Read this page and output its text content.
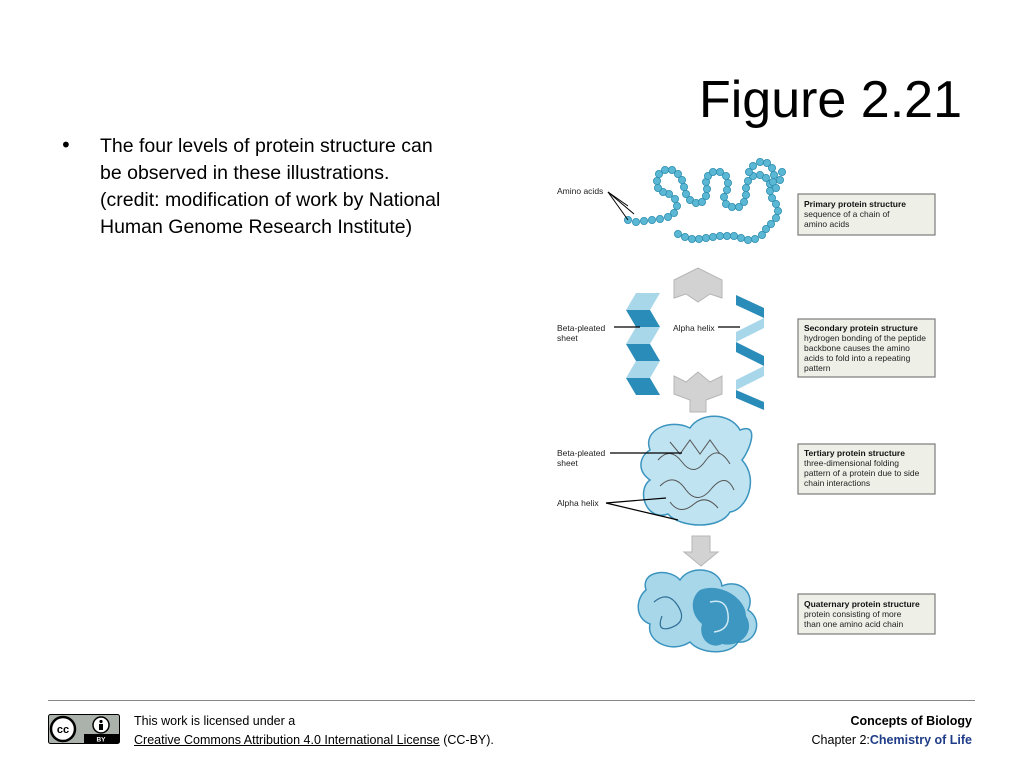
Figure 2.21
• The four levels of protein structure can
be observed in these illustrations.
(credit: modification of work by National
Human Genome Research Institute)
Amino acids
Primary protein structure
sequence of a chain of
amino acids
Beta-pleated
sheet
Alpha helix	Secondary protein structure
hydrogen bonding of the peptide
backbone causes the amino
acids to fold into a repeating
pattern
Beta-pleated
sheet
Alpha helix
Tertiary protein structure
three-dimensional folding
pattern of a protein due to side
chain interactions
Quaternary protein structure
protein consisting of more
than one amino acid chain
cc
BY
This work is licensed under a
Creative Commons Attribution 4.0 International License (CC-BY).
Concepts of Biology
Chapter 2:Chemistry of Life
